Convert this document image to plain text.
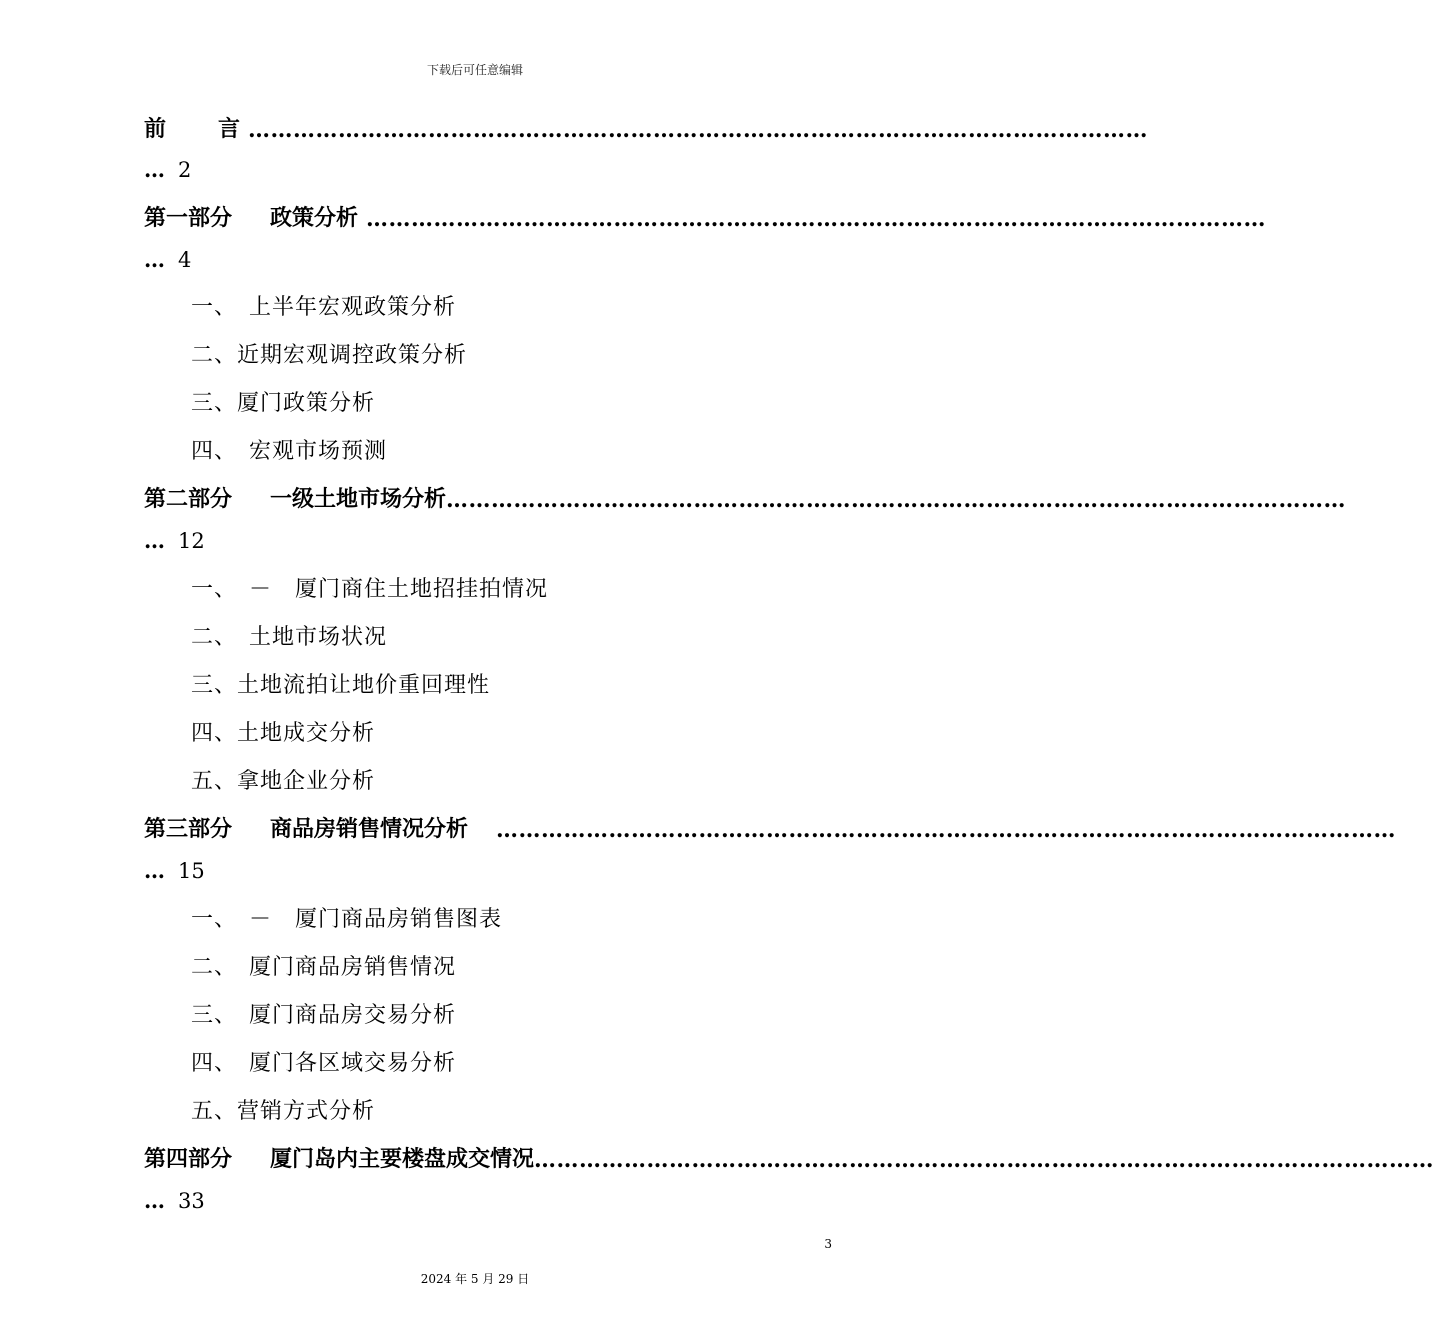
下载后可任意编辑
前 言 …………………………………………………………………………………………………………
… 2
第一部分 政策分析 …………………………………………………………………………………………………………
… 4
一、　上半年宏观政策分析
二、近期宏观调控政策分析
三、厦门政策分析
四、　宏观市场预测
第二部分 一级土地市场分析 …………………………………………………………………………………………………………
… 12
一、　－　厦门商住土地招挂拍情况
二、　土地市场状况
三、土地流拍让地价重回理性
四、土地成交分析
五、拿地企业分析
第三部分 商品房销售情况分析 …………………………………………………………………………………………………………
… 15
一、　－　厦门商品房销售图表
二、　厦门商品房销售情况
三、　厦门商品房交易分析
四、　厦门各区域交易分析
五、营销方式分析
第四部分 厦门岛内主要楼盘成交情况 …………………………………………………………………………………………………………
… 33
3
2024 年 5 月 29 日
